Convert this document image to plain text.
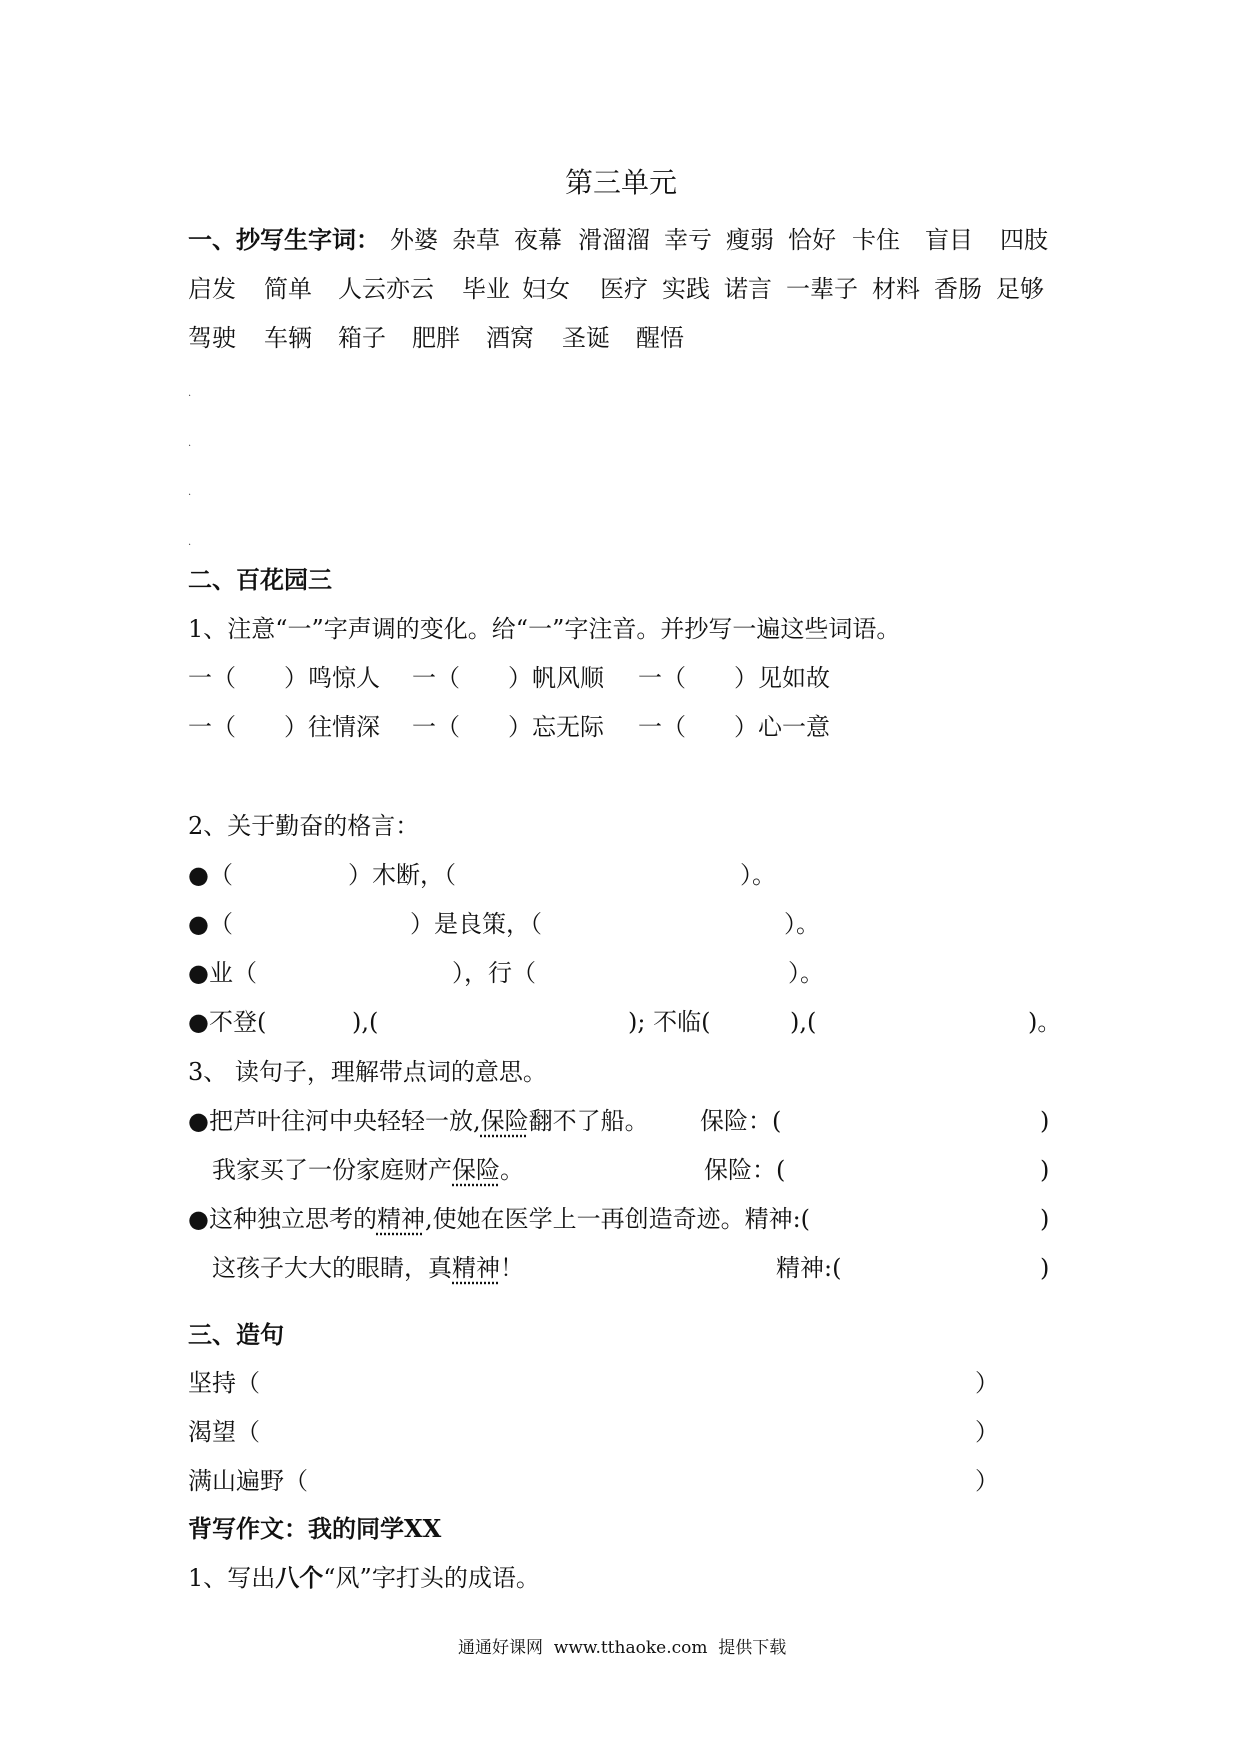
第三单元
一、抄写生字词： 外婆 杂草 夜幕 滑溜溜 幸亏 瘦弱 恰好 卡住 盲目 四肢
启发 简单 人云亦云 毕业 妇女 医疗 实践 诺言 一辈子 材料 香肠 足够
驾驶 车辆 箱子 肥胖 酒窝 圣诞 醒悟
.
.
.
.
二、百花园三
1、注意“一”字声调的变化。给“一”字注音。并抄写一遍这些词语。
一（　　）鸣惊人 一（　　）帆风顺 一（　　）见如故
一（　　）往情深 一（　　）忘无际 一（　　）心一意
2、关于勤奋的格言：
●（	）木断，（	）。
●（	）是良策，（	）。
●业（	），行（	）。
●不登(	),(	); 不临(	),(	)。
3、 读句子，理解带点词的意思。
●把芦叶往河中央轻轻一放,保险翻不了船。 保险：(	)
我家买了一份家庭财产保险。	保险：(	)
●这种独立思考的精神,使她在医学上一再创造奇迹。精神:(	)
这孩子大大的眼睛，真精神！	精神:(	)
三、造句
坚持（	）
渴望（	）
满山遍野（	）
背写作文：我的同学XX
1、写出八个“风”字打头的成语。
通通好课网  www.tthaoke.com  提供下载
